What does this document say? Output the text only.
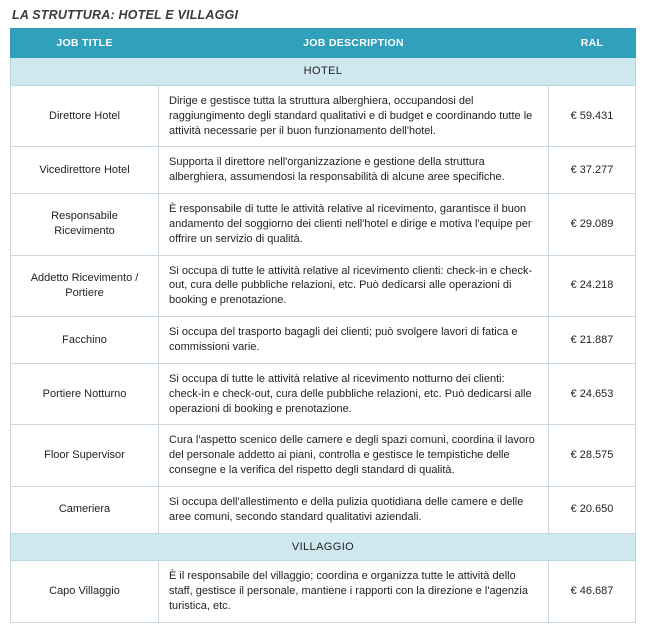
LA STRUTTURA: HOTEL E VILLAGGI
JOB TITLE	JOB DESCRIPTION	RAL
HOTEL		
Direttore Hotel	Dirige e gestisce tutta la struttura alberghiera, occupandosi del raggiungimento degli standard qualitativi e di budget e coordinando tutte le attività necessarie per il buon funzionamento dell'hotel.	€ 59.431
Vicedirettore Hotel	Supporta il direttore nell'organizzazione e gestione della struttura alberghiera, assumendosi la responsabilità di alcune aree specifiche.	€ 37.277
Responsabile Ricevimento	È responsabile di tutte le attività relative al ricevimento, garantisce il buon andamento del soggiorno dei clienti nell'hotel e dirige e motiva l'equipe per offrire un servizio di qualità.	€ 29.089
Addetto Ricevimento / Portiere	Si occupa di tutte le attività relative al ricevimento clienti: check-in e check-out, cura delle pubbliche relazioni, etc. Può dedicarsi alle operazioni di booking e prenotazione.	€ 24.218
Facchino	Si occupa del trasporto bagagli dei clienti; può svolgere lavori di fatica e commissioni varie.	€ 21.887
Portiere Notturno	Si occupa di tutte le attività relative al ricevimento notturno dei clienti: check-in e check-out, cura delle pubbliche relazioni, etc. Può dedicarsi alle operazioni di booking e prenotazione.	€ 24.653
Floor Supervisor	Cura l'aspetto scenico delle camere e degli spazi comuni, coordina il lavoro del personale addetto ai piani, controlla e gestisce le tempistiche delle consegne e la verifica del rispetto degli standard di qualità.	€ 28.575
Cameriera	Si occupa dell'allestimento e della pulizia quotidiana delle camere e delle aree comuni, secondo standard qualitativi aziendali.	€ 20.650
VILLAGGIO		
Capo Villaggio	È il responsabile del villaggio; coordina e organizza tutte le attività dello staff, gestisce il personale, mantiene i rapporti con la direzione e l'agenzia turistica, etc.	€ 46.687
